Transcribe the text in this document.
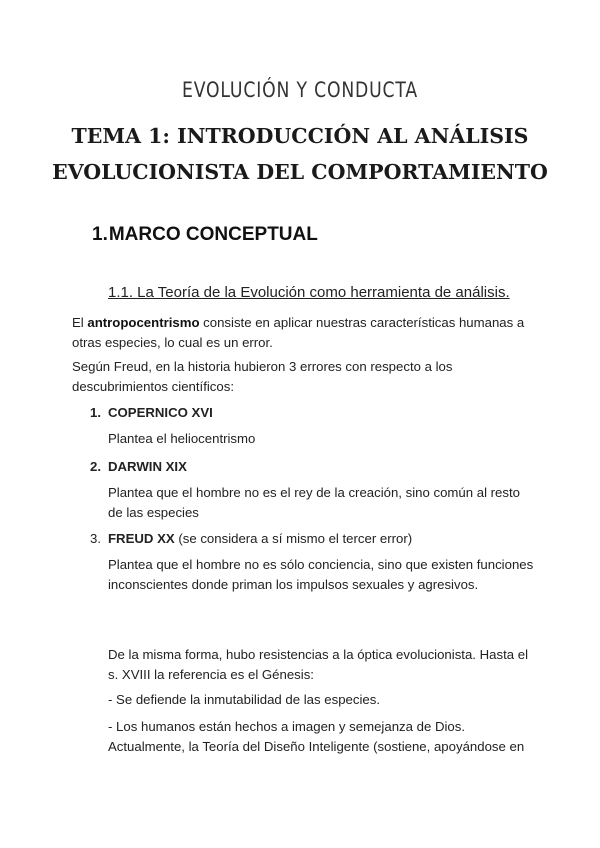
EVOLUCIÓN Y CONDUCTA
TEMA 1: INTRODUCCIÓN AL ANÁLISIS
EVOLUCIONISTA DEL COMPORTAMIENTO
1.MARCO CONCEPTUAL
1.1. La Teoría de la Evolución como herramienta de análisis.
El antropocentrismo consiste en aplicar nuestras características humanas a otras especies, lo cual es un error.
Según Freud, en la historia hubieron 3 errores con respecto a los descubrimientos científicos:
1. COPERNICO XVI
Plantea el heliocentrismo
2. DARWIN XIX
Plantea que el hombre no es el rey de la creación, sino común al resto de las especies
3. FREUD XX (se considera a sí mismo el tercer error)
Plantea que el hombre no es sólo conciencia, sino que existen funciones inconscientes donde priman los impulsos sexuales y agresivos.
De la misma forma, hubo resistencias a la óptica evolucionista. Hasta el s. XVIII la referencia es el Génesis:
- Se defiende la inmutabilidad de las especies.
- Los humanos están hechos a imagen y semejanza de Dios. Actualmente, la Teoría del Diseño Inteligente (sostiene, apoyándose en
